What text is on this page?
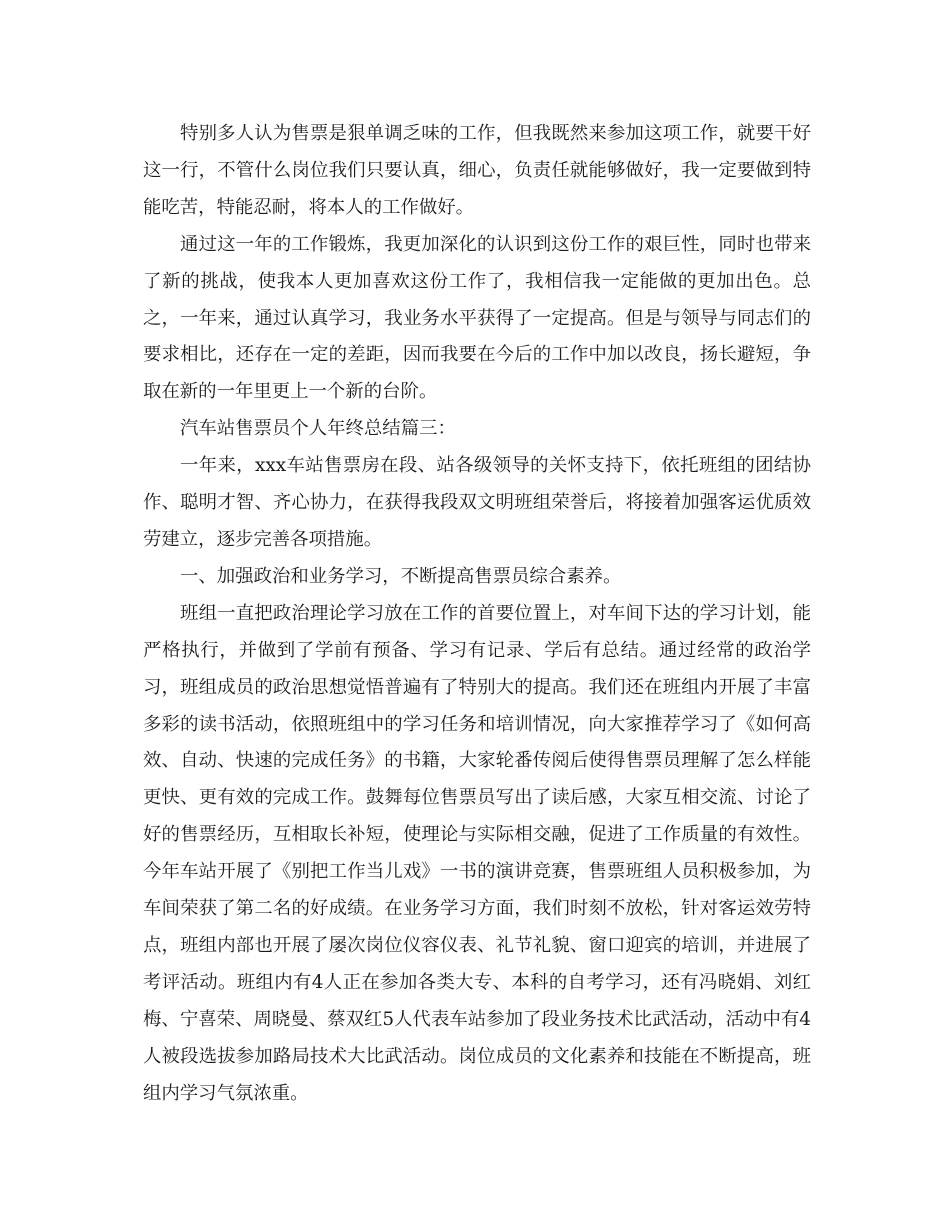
特别多人认为售票是狠单调乏味的工作，但我既然来参加这项工作，就要干好这一行，不管什么岗位我们只要认真，细心，负责任就能够做好，我一定要做到特能吃苦，特能忍耐，将本人的工作做好。

通过这一年的工作锻炼，我更加深化的认识到这份工作的艰巨性，同时也带来了新的挑战，使我本人更加喜欢这份工作了，我相信我一定能做的更加出色。总之，一年来，通过认真学习，我业务水平获得了一定提高。但是与领导与同志们的要求相比，还存在一定的差距，因而我要在今后的工作中加以改良，扬长避短，争取在新的一年里更上一个新的台阶。

汽车站售票员个人年终总结篇三：

一年来，xxx车站售票房在段、站各级领导的关怀支持下，依托班组的团结协作、聪明才智、齐心协力，在获得我段双文明班组荣誉后，将接着加强客运优质效劳建立，逐步完善各项措施。

一、加强政治和业务学习，不断提高售票员综合素养。

班组一直把政治理论学习放在工作的首要位置上，对车间下达的学习计划，能严格执行，并做到了学前有预备、学习有记录、学后有总结。通过经常的政治学习，班组成员的政治思想觉悟普遍有了特别大的提高。我们还在班组内开展了丰富多彩的读书活动，依照班组中的学习任务和培训情况，向大家推荐学习了《如何高效、自动、快速的完成任务》的书籍，大家轮番传阅后使得售票员理解了怎么样能更快、更有效的完成工作。鼓舞每位售票员写出了读后感，大家互相交流、讨论了好的售票经历，互相取长补短，使理论与实际相交融，促进了工作质量的有效性。今年车站开展了《别把工作当儿戏》一书的演讲竞赛，售票班组人员积极参加，为车间荣获了第二名的好成绩。在业务学习方面，我们时刻不放松，针对客运效劳特点，班组内部也开展了屡次岗位仪容仪表、礼节礼貌、窗口迎宾的培训，并进展了考评活动。班组内有4人正在参加各类大专、本科的自考学习，还有冯晓娟、刘红梅、宁喜荣、周晓曼、蔡双红5人代表车站参加了段业务技术比武活动，活动中有4人被段选拔参加路局技术大比武活动。岗位成员的文化素养和技能在不断提高，班组内学习气氛浓重。
